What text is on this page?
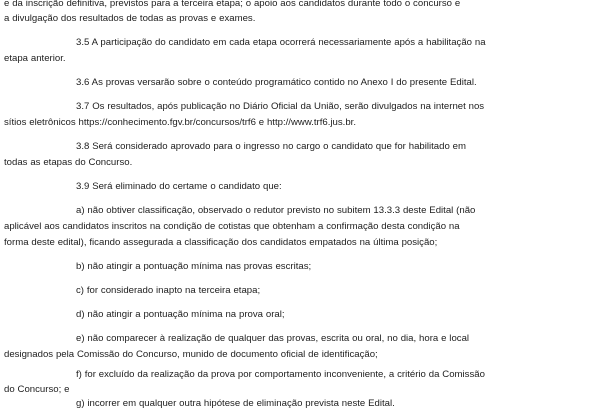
e da inscrição definitiva, previstos para a terceira etapa; o apoio aos candidatos durante todo o concurso e

a divulgação dos resultados de todas as provas e exames.

3.5 A participação do candidato em cada etapa ocorrerá necessariamente após a habilitação na

etapa anterior.

3.6 As provas versarão sobre o conteúdo programático contido no Anexo I do presente Edital.

3.7 Os resultados, após publicação no Diário Oficial da União, serão divulgados na internet nos

sítios eletrônicos https://conhecimento.fgv.br/concursos/trf6 e http://www.trf6.jus.br.

3.8 Será considerado aprovado para o ingresso no cargo o candidato que for habilitado em

todas as etapas do Concurso.

3.9 Será eliminado do certame o candidato que:

a) não obtiver classificação, observado o redutor previsto no subitem 13.3.3 deste Edital (não

aplicável aos candidatos inscritos na condição de cotistas que obtenham a confirmação desta condição na

forma deste edital), ficando assegurada a classificação dos candidatos empatados na última posição;

b) não atingir a pontuação mínima nas provas escritas;

c) for considerado inapto na terceira etapa;

d) não atingir a pontuação mínima na prova oral;

e) não comparecer à realização de qualquer das provas, escrita ou oral, no dia, hora e local

designados pela Comissão do Concurso, munido de documento oficial de identificação;

f) for excluído da realização da prova por comportamento inconveniente, a critério da Comissão

do Concurso; e

g) incorrer em qualquer outra hipótese de eliminação prevista neste Edital.
